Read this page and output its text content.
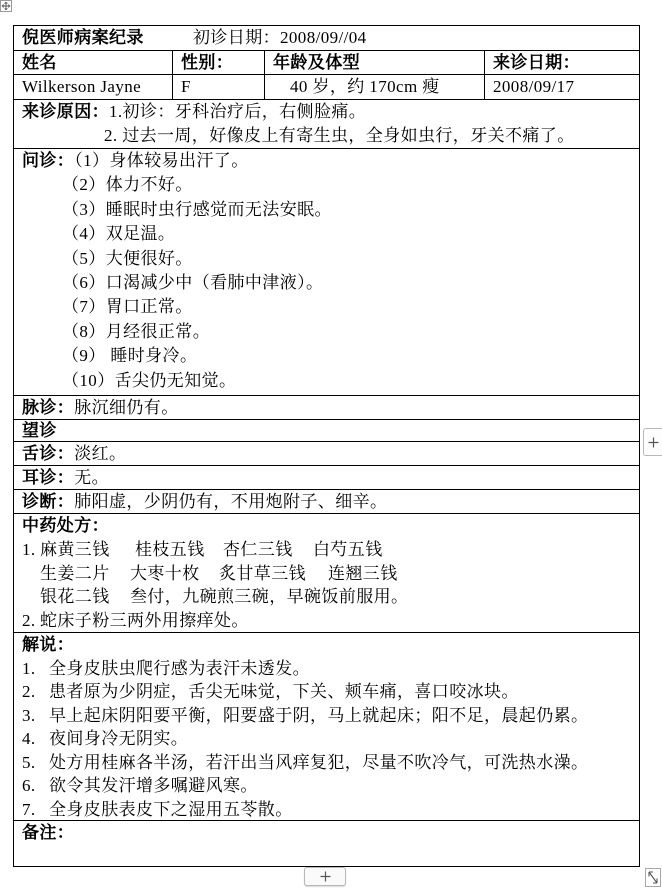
倪医师病案纪录	初诊日期：2008/09//04
姓名	性别：	年龄及体型	来诊日期：
Wilkerson Jayne	F	40 岁，约 170cm 瘦	2008/09/17
来诊原因：1.初诊：牙科治疗后，右侧脸痛。
2. 过去一周，好像皮上有寄生虫，全身如虫行，牙关不痛了。
问诊：（1）身体较易出汗了。
（2）体力不好。
（3）睡眠时虫行感觉而无法安眠。
（4）双足温。
（5）大便很好。
（6）口渴减少中（看肺中津液）。
（7）胃口正常。
（8）月经很正常。
（9） 睡时身冷。
（10）舌尖仍无知觉。
脉诊：脉沉细仍有。
望诊
舌诊：淡红。
耳诊：无。
诊断：肺阳虚，少阴仍有，不用炮附子、细辛。
中药处方：
1. 麻黄三钱 桂枝五钱 杏仁三钱 白芍五钱
生姜二片 大枣十枚 炙甘草三钱 连翘三钱
银花二钱 叁付，九碗煎三碗，早碗饭前服用。
2. 蛇床子粉三两外用擦痒处。
解说：
1. 全身皮肤虫爬行感为表汗未透发。
2. 患者原为少阴症，舌尖无味觉，下关、颊车痛，喜口咬冰块。
3. 早上起床阴阳要平衡，阳要盛于阴，马上就起床；阳不足，晨起仍累。
4. 夜间身冷无阴实。
5. 处方用桂麻各半汤，若汗出当风痒复犯，尽量不吹冷气，可洗热水澡。
6. 欲令其发汗增多嘱避风寒。
7. 全身皮肤表皮下之湿用五苓散。
备注：
